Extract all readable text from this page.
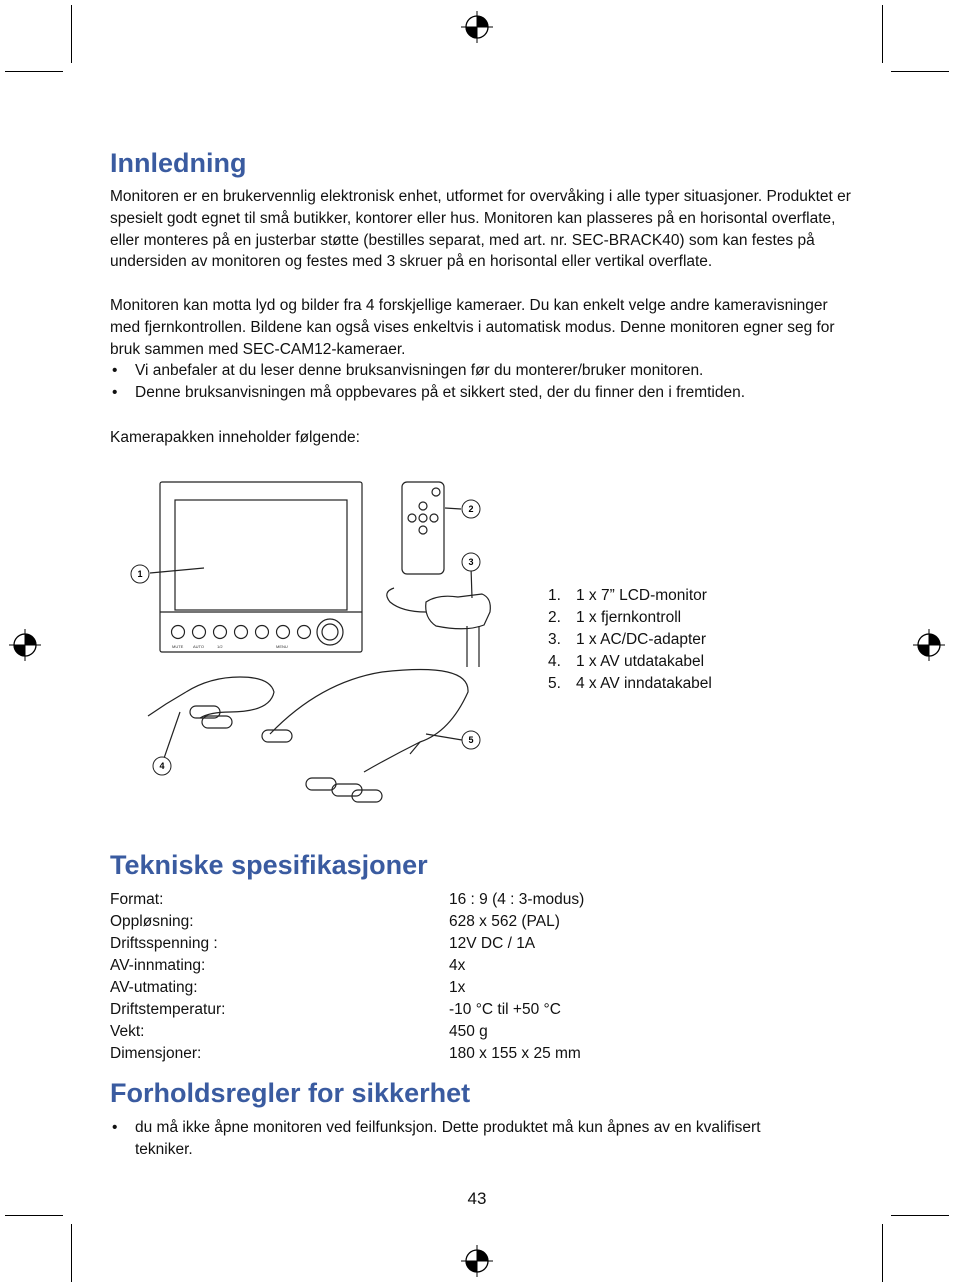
Innledning

Monitoren er en brukervennlig elektronisk enhet, utformet for overvåking i alle typer situasjoner. Produktet er spesielt godt egnet til små butikker, kontorer eller hus. Monitoren kan plasseres på en horisontal overflate, eller monteres på en justerbar støtte (bestilles separat, med art. nr. SEC-BRACK40) som kan festes på undersiden av monitoren og festes med 3 skruer på en horisontal eller vertikal overflate.

Monitoren kan motta lyd og bilder fra 4 forskjellige kameraer. Du kan enkelt velge andre kameravisninger med fjernkontrollen. Bildene kan også vises enkeltvis i automatisk modus. Denne monitoren egner seg for bruk sammen med SEC-CAM12-kameraer.

• Vi anbefaler at du leser denne bruksanvisningen før du monterer/bruker monitoren.
• Denne bruksanvisningen må oppbevares på et sikkert sted, der du finner den i fremtiden.

Kamerapakken inneholder følgende:

MUTE AUTO	1/2	MENU
1
2
3
4
5
1. 1 x 7” LCD-monitor
2. 1 x fjernkontroll
3. 1 x AC/DC-adapter
4. 1 x AV utdatakabel
5. 4 x AV inndatakabel
Tekniske spesifikasjoner
Format:	16 : 9 (4 : 3-modus)
Oppløsning:	628 x 562 (PAL)
Driftsspenning :	12V DC / 1A
AV-innmating:	4x
AV-utmating:	1x
Driftstemperatur:	-10 °C til +50 °C
Vekt:	450 g
Dimensjoner:	180 x 155 x 25 mm
Forholdsregler for sikkerhet
• du må ikke åpne monitoren ved feilfunksjon. Dette produktet må kun åpnes av en kvalifisert tekniker.
43
